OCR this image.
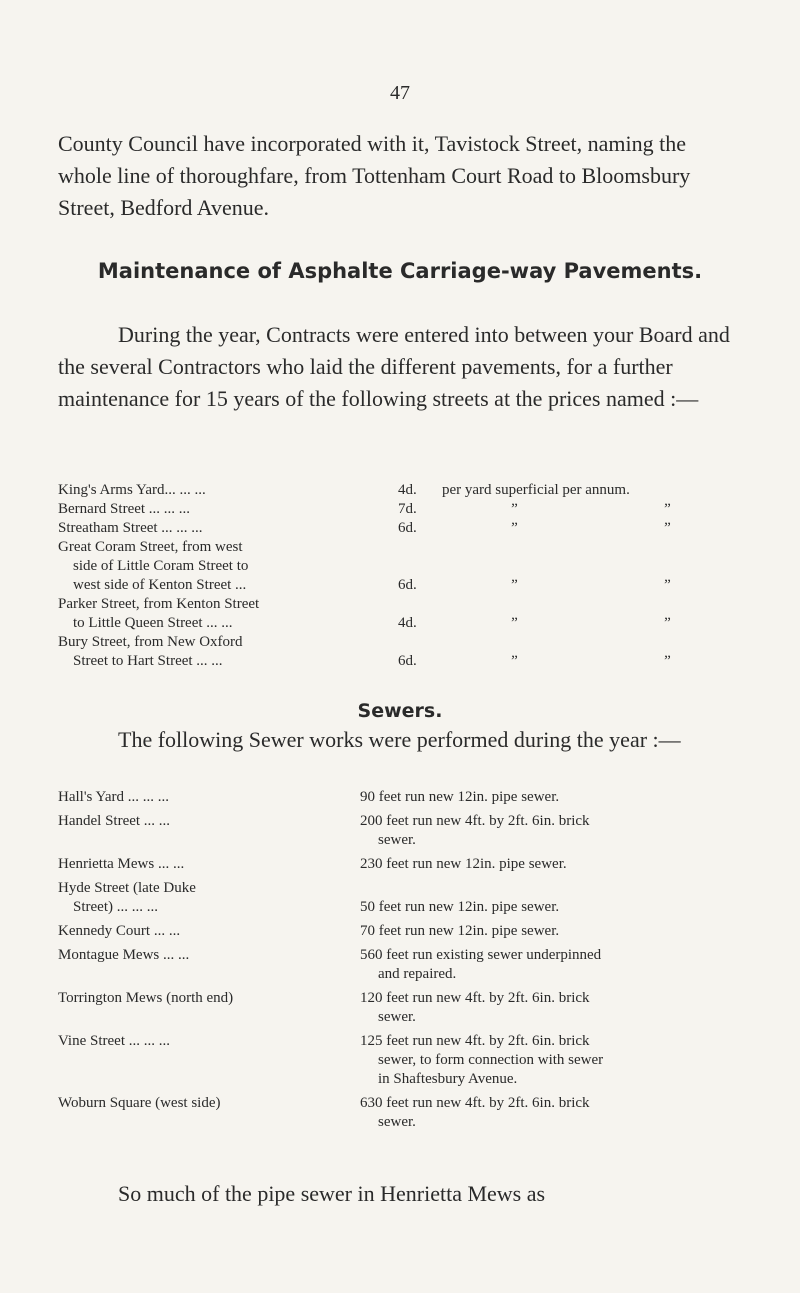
47

County Council have incorporated with it, Tavistock Street, naming the whole line of thoroughfare, from Tottenham Court Road to Bloomsbury Street, Bedford Avenue.

Maintenance of Asphalte Carriage-way Pavements.

During the year, Contracts were entered into between your Board and the several Contractors who laid the different pavements, for a further maintenance for 15 years of the following streets at the prices named :—

King's Arms Yard... ... ...	4d.	per yard superficial per annum.	

Bernard Street ... ... ...	7d.	”	”

Streatham Street ... ... ...	6d.	”	”

Great Coram Street, from west
side of Little Coram Street to
west side of Kenton Street ...	6d.	”	”

Parker Street, from Kenton Street
to Little Queen Street ... ...	4d.	”	”

Bury Street, from New Oxford
Street to Hart Street ... ...	6d.	”	”
Sewers.

The following Sewer works were performed during the year :—

Hall's Yard ... ... ...	90 feet run new 12in. pipe sewer.

Handel Street ... ...	200 feet run new 4ft. by 2ft. 6in. brick
sewer.

Henrietta Mews ... ...	230 feet run new 12in. pipe sewer.

Hyde Street (late Duke
Street) ... ... ...	50 feet run new 12in. pipe sewer.

Kennedy Court ... ...	70 feet run new 12in. pipe sewer.

Montague Mews ... ...	560 feet run existing sewer underpinned
and repaired.

Torrington Mews (north end)	120 feet run new 4ft. by 2ft. 6in. brick
sewer.

Vine Street ... ... ...	125 feet run new 4ft. by 2ft. 6in. brick
sewer, to form connection with sewer
in Shaftesbury Avenue.

Woburn Square (west side)	630 feet run new 4ft. by 2ft. 6in. brick
sewer.

So much of the pipe sewer in Henrietta Mews as
